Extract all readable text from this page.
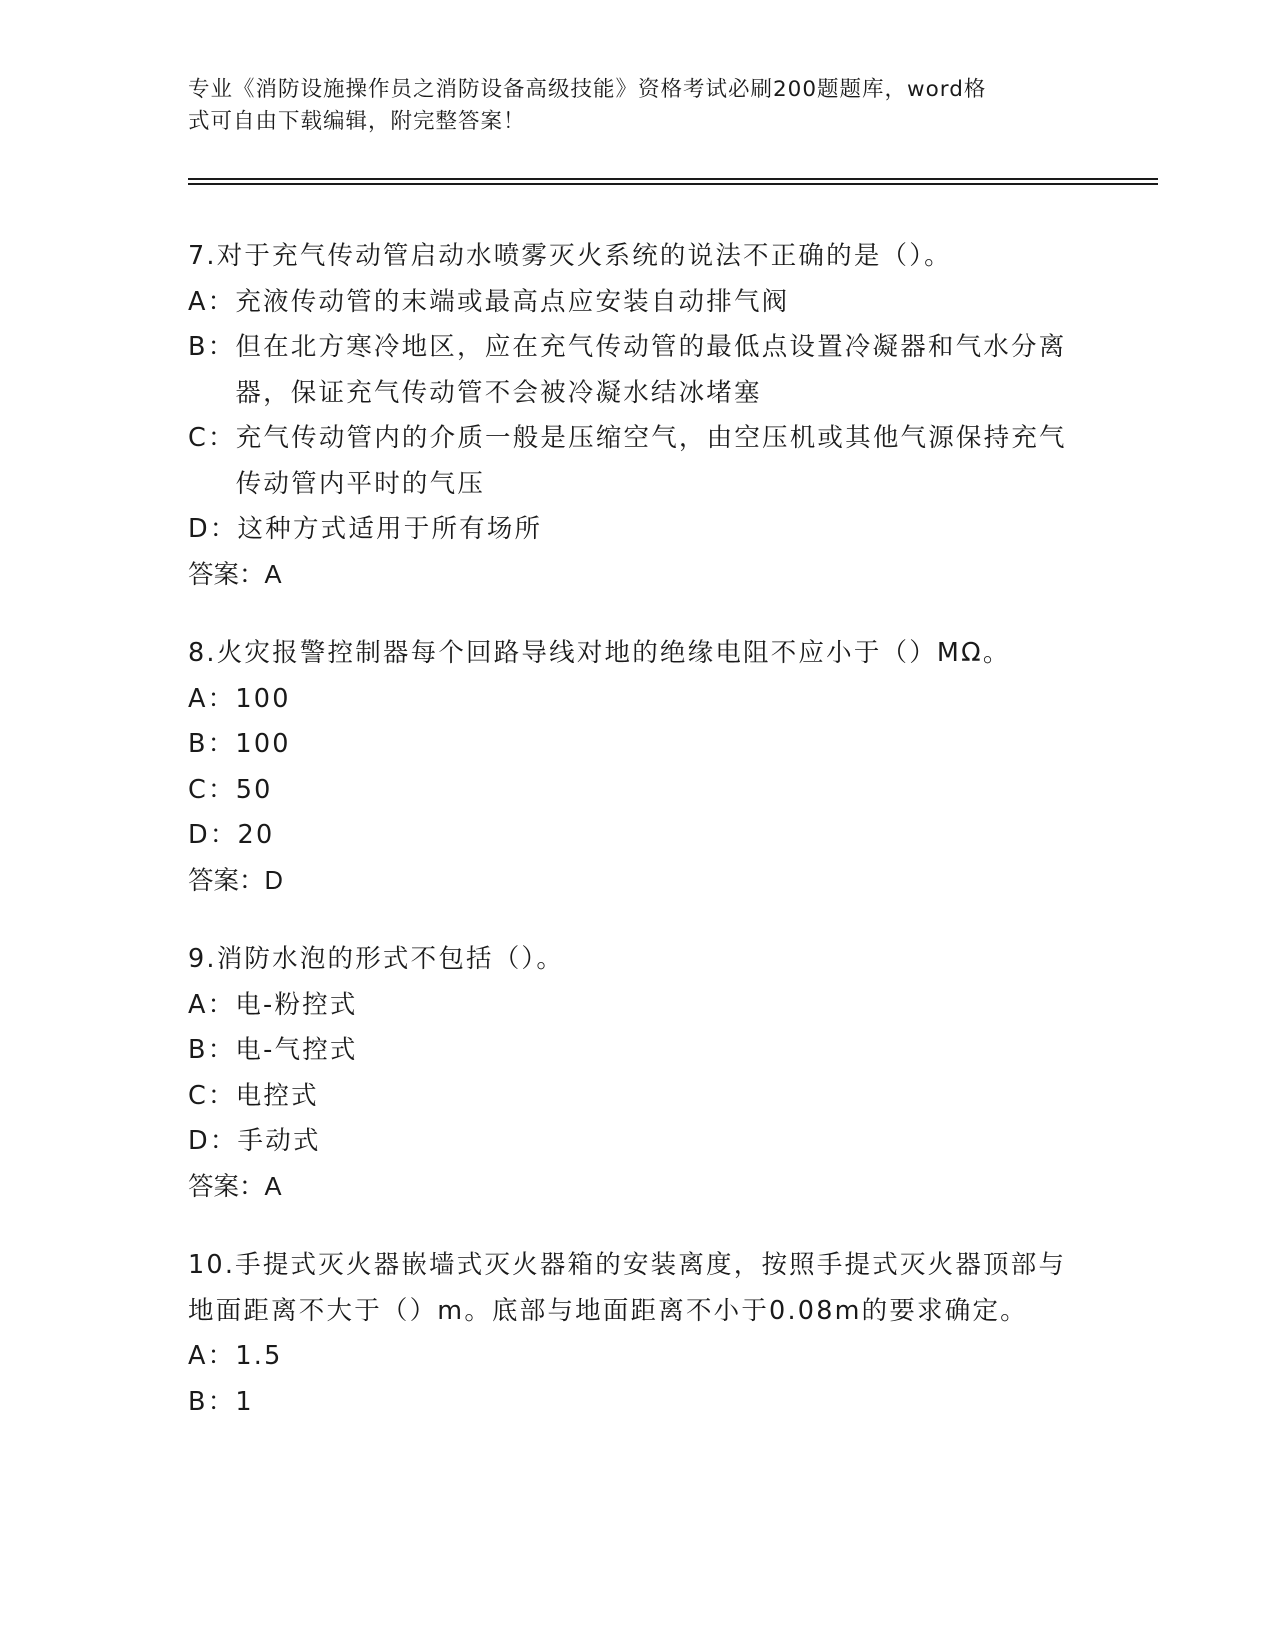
专业《消防设施操作员之消防设备高级技能》资格考试必刷200题题库，word格
式可自由下载编辑，附完整答案！
7.对于充气传动管启动水喷雾灭火系统的说法不正确的是（）。
A： 充液传动管的末端或最高点应安装自动排气阀
B： 但在北方寒冷地区，应在充气传动管的最低点设置冷凝器和气水分离器，保证充气传动管不会被冷凝水结冰堵塞
C： 充气传动管内的介质一般是压缩空气，由空压机或其他气源保持充气传动管内平时的气压
D： 这种方式适用于所有场所
答案：A
8.火灾报警控制器每个回路导线对地的绝缘电阻不应小于（）MΩ。
A： 100
B： 100
C： 50
D： 20
答案：D
9.消防水泡的形式不包括（）。
A： 电-粉控式
B： 电-气控式
C： 电控式
D： 手动式
答案：A
10.手提式灭火器嵌墙式灭火器箱的安装离度，按照手提式灭火器顶部与地面距离不大于（）m。底部与地面距离不小于0.08m的要求确定。
A： 1.5
B： 1
